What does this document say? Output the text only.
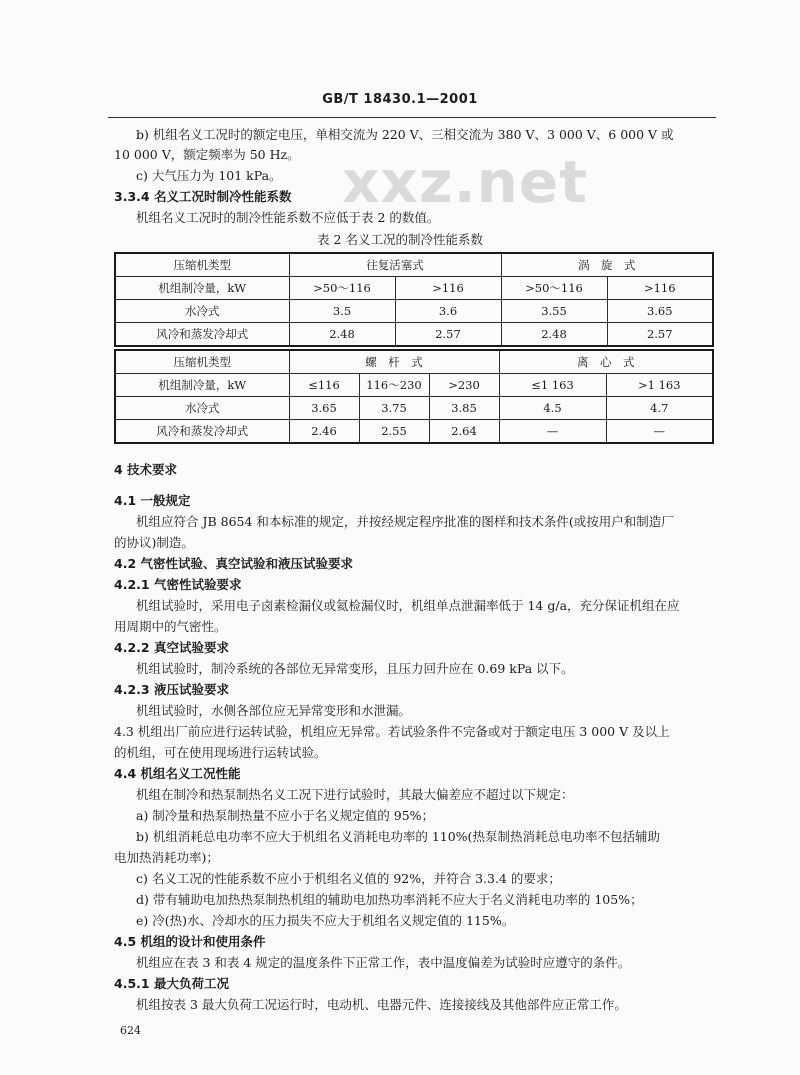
GB/T 18430.1—2001
xxz.net
b) 机组名义工况时的额定电压，单相交流为 220 V、三相交流为 380 V、3 000 V、6 000 V 或
10 000 V，额定频率为 50 Hz。
c) 大气压力为 101 kPa。
3.3.4 名义工况时制冷性能系数
机组名义工况时的制冷性能系数不应低于表 2 的数值。
表 2 名义工况的制冷性能系数
压缩机类型	往复活塞式		涡　旋　式	
机组制冷量，kW	>50～116	>116	>50～116	>116
水冷式	3.5	3.6	3.55	3.65
风冷和蒸发冷却式	2.48	2.57	2.48	2.57
压缩机类型	螺　杆　式			离　心　式	
机组制冷量，kW	≤116	116～230	>230	≤1 163	>1 163
水冷式	3.65	3.75	3.85	4.5	4.7
风冷和蒸发冷却式	2.46	2.55	2.64	—	—
4 技术要求
4.1 一般规定
机组应符合 JB 8654 和本标准的规定，并按经规定程序批准的图样和技术条件(或按用户和制造厂
的协议)制造。
4.2 气密性试验、真空试验和液压试验要求
4.2.1 气密性试验要求
机组试验时，采用电子卤素检漏仪或氦检漏仪时，机组单点泄漏率低于 14 g/a，充分保证机组在应
用周期中的气密性。
4.2.2 真空试验要求
机组试验时，制冷系统的各部位无异常变形，且压力回升应在 0.69 kPa 以下。
4.2.3 液压试验要求
机组试验时，水侧各部位应无异常变形和水泄漏。
4.3 机组出厂前应进行运转试验，机组应无异常。若试验条件不完备或对于额定电压 3 000 V 及以上
的机组，可在使用现场进行运转试验。
4.4 机组名义工况性能
机组在制冷和热泵制热名义工况下进行试验时，其最大偏差应不超过以下规定：
a) 制冷量和热泵制热量不应小于名义规定值的 95%；
b) 机组消耗总电功率不应大于机组名义消耗电功率的 110%(热泵制热消耗总电功率不包括辅助
电加热消耗功率)；
c) 名义工况的性能系数不应小于机组名义值的 92%，并符合 3.3.4 的要求；
d) 带有辅助电加热热泵制热机组的辅助电加热功率消耗不应大于名义消耗电功率的 105%；
e) 冷(热)水、冷却水的压力损失不应大于机组名义规定值的 115%。
4.5 机组的设计和使用条件
机组应在表 3 和表 4 规定的温度条件下正常工作，表中温度偏差为试验时应遵守的条件。
4.5.1 最大负荷工况
机组按表 3 最大负荷工况运行时，电动机、电器元件、连接接线及其他部件应正常工作。
624
